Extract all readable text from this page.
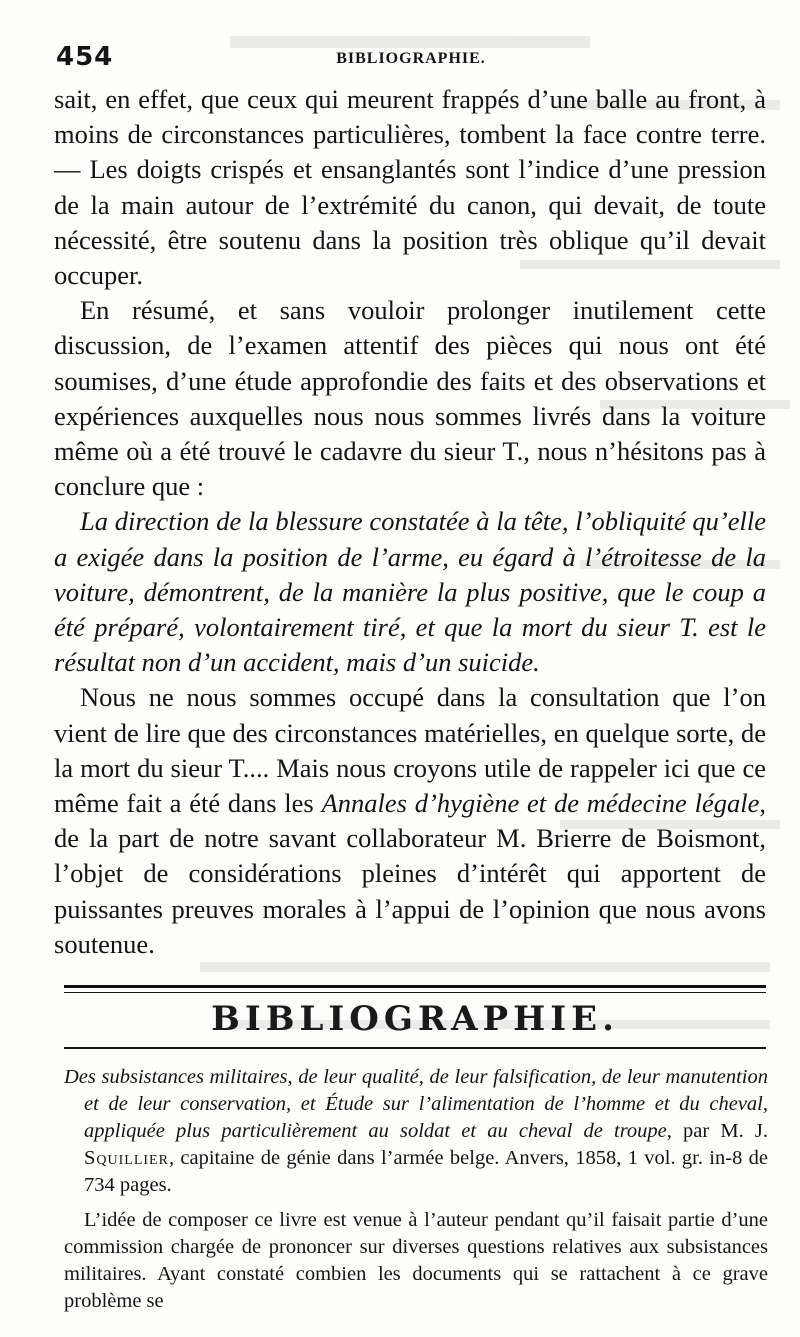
454	BIBLIOGRAPHIE.

sait, en effet, que ceux qui meurent frappés d’une balle au front, à moins de circonstances particulières, tombent la face contre terre. — Les doigts crispés et ensanglantés sont l’indice d’une pression de la main autour de l’extrémité du canon, qui devait, de toute nécessité, être soutenu dans la position très oblique qu’il devait occuper.

En résumé, et sans vouloir prolonger inutilement cette discussion, de l’examen attentif des pièces qui nous ont été soumises, d’une étude approfondie des faits et des observations et expériences auxquelles nous nous sommes livrés dans la voiture même où a été trouvé le cadavre du sieur T., nous n’hésitons pas à conclure que :

La direction de la blessure constatée à la tête, l’obliquité qu’elle a exigée dans la position de l’arme, eu égard à l’étroitesse de la voiture, démontrent, de la manière la plus positive, que le coup a été préparé, volontairement tiré, et que la mort du sieur T. est le résultat non d’un accident, mais d’un suicide.

Nous ne nous sommes occupé dans la consultation que l’on vient de lire que des circonstances matérielles, en quelque sorte, de la mort du sieur T.... Mais nous croyons utile de rappeler ici que ce même fait a été dans les Annales d’hygiène et de médecine légale, de la part de notre savant collaborateur M. Brierre de Boismont, l’objet de considérations pleines d’intérêt qui apportent de puissantes preuves morales à l’appui de l’opinion que nous avons soutenue.

BIBLIOGRAPHIE.

Des subsistances militaires, de leur qualité, de leur falsification, de leur manutention et de leur conservation, et Étude sur l’alimentation de l’homme et du cheval, appliquée plus particulièrement au soldat et au cheval de troupe, par M. J. Squillier, capitaine de génie dans l’armée belge. Anvers, 1858, 1 vol. gr. in-8 de 734 pages.

L’idée de composer ce livre est venue à l’auteur pendant qu’il faisait partie d’une commission chargée de prononcer sur diverses questions relatives aux subsistances militaires. Ayant constaté combien les documents qui se rattachent à ce grave problème se
